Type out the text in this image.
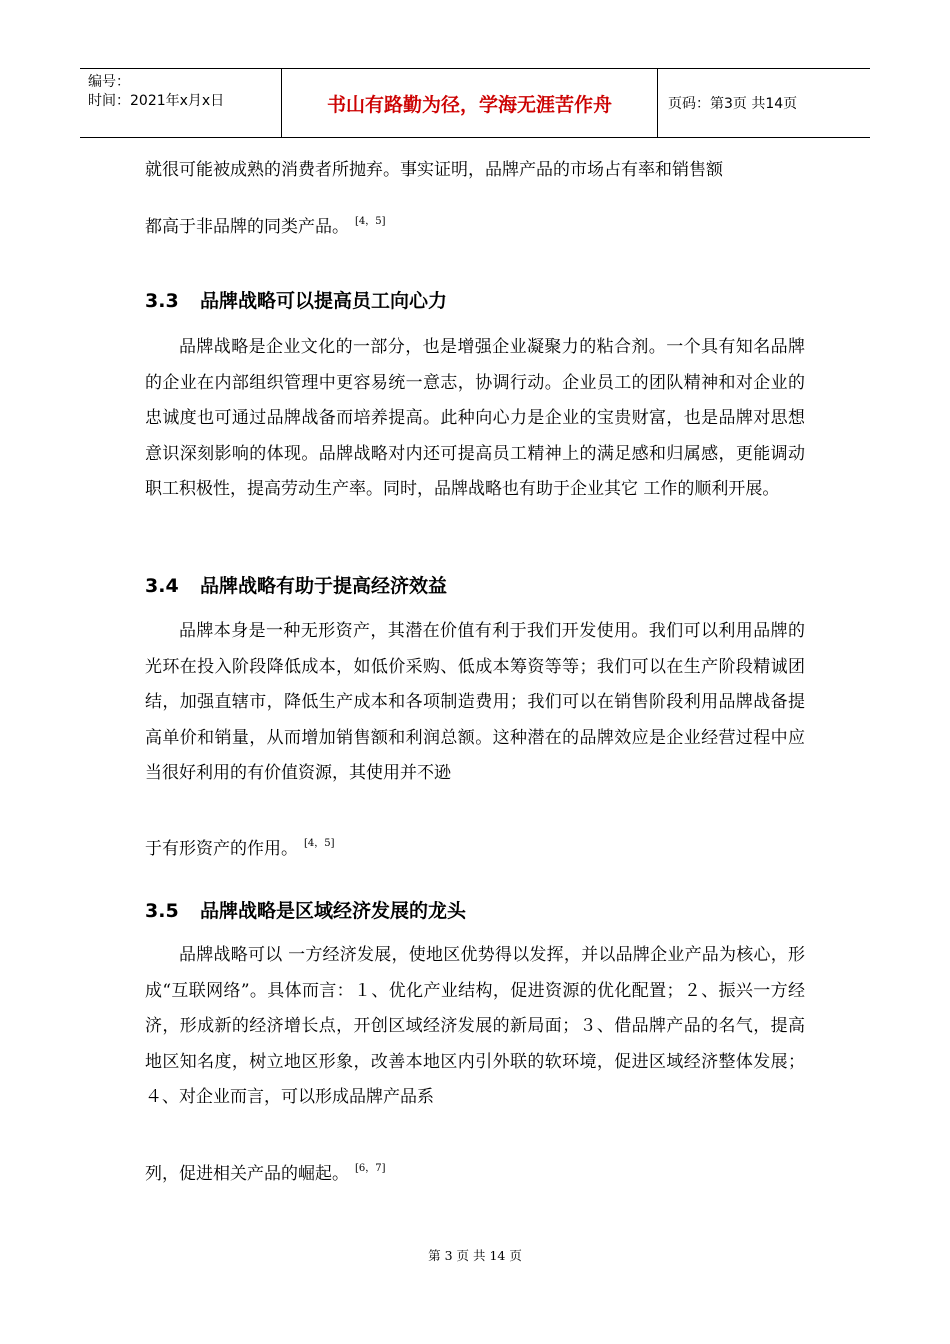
编号：
时间：2021年x月x日	书山有路勤为径，学海无涯苦作舟	页码：第3页 共14页
就很可能被成熟的消费者所抛弃。事实证明，品牌产品的市场占有率和销售额
都高于非品牌的同类产品。 [4，5]
3.3 品牌战略可以提高员工向心力
品牌战略是企业文化的一部分，也是增强企业凝聚力的粘合剂。一个具有知名品牌的企业在内部组织管理中更容易统一意志，协调行动。企业员工的团队精神和对企业的忠诚度也可通过品牌战备而培养提高。此种向心力是企业的宝贵财富，也是品牌对思想意识深刻影响的体现。品牌战略对内还可提高员工精神上的满足感和归属感，更能调动职工积极性，提高劳动生产率。同时，品牌战略也有助于企业其它 工作的顺利开展。
3.4 品牌战略有助于提高经济效益
品牌本身是一种无形资产，其潜在价值有利于我们开发使用。我们可以利用品牌的光环在投入阶段降低成本，如低价采购、低成本筹资等等；我们可以在生产阶段精诚团结，加强直辖市，降低生产成本和各项制造费用；我们可以在销售阶段利用品牌战备提高单价和销量，从而增加销售额和利润总额。这种潜在的品牌效应是企业经营过程中应当很好利用的有价值资源，其使用并不逊
于有形资产的作用。 [4，5]
3.5 品牌战略是区域经济发展的龙头
品牌战略可以 一方经济发展，使地区优势得以发挥，并以品牌企业产品为核心，形成“互联网络”。具体而言：１、优化产业结构，促进资源的优化配置；２、振兴一方经济，形成新的经济增长点，开创区域经济发展的新局面；３、借品牌产品的名气，提高地区知名度，树立地区形象，改善本地区内引外联的软环境，促进区域经济整体发展；４、对企业而言，可以形成品牌产品系
列，促进相关产品的崛起。 [6，7]
第 3 页 共 14 页
